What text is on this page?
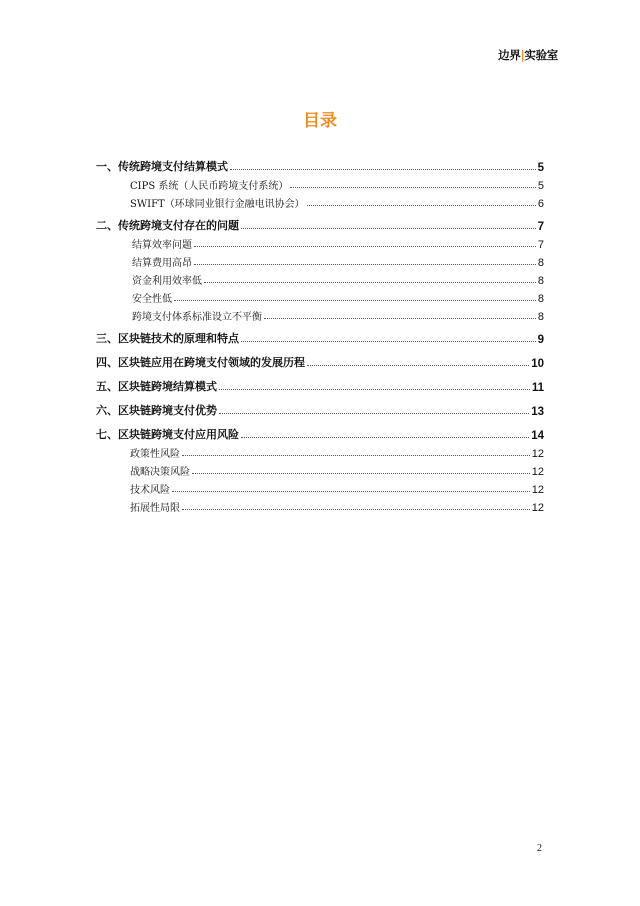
边界|实验室
目录
一、传统跨境支付结算模式	5
CIPS 系统（人民币跨境支付系统）	5
SWIFT（环球同业银行金融电讯协会）	6
二、传统跨境支付存在的问题	7
结算效率问题	7
结算费用高昂	8
资金利用效率低	8
安全性低	8
跨境支付体系标准设立不平衡	8
三、区块链技术的原理和特点	9
四、区块链应用在跨境支付领域的发展历程	10
五、区块链跨境结算模式	11
六、区块链跨境支付优势	13
七、区块链跨境支付应用风险	14
政策性风险	12
战略决策风险	12
技术风险	12
拓展性局限	12
2
